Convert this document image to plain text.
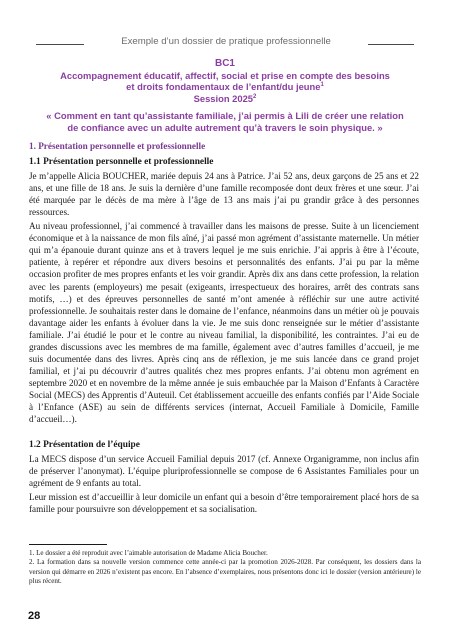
Exemple d’un dossier de pratique professionnelle
BC1
Accompagnement éducatif, affectif, social et prise en compte des besoins
et droits fondamentaux de l’enfant/du jeune$^1$
Session 2025$^2$
« Comment en tant qu’assistante familiale, j’ai permis à Lili de créer une relation
de confiance avec un adulte autrement qu’à travers le soin physique. »
1. Présentation personnelle et professionnelle
1.1 Présentation personnelle et professionnelle

Je m’appelle Alicia BOUCHER, mariée depuis 24 ans à Patrice. J’ai 52 ans, deux garçons de 25 ans et 22 ans, et une fille de 18 ans. Je suis la dernière d’une famille recomposée dont deux frères et une sœur. J’ai été marquée par le décès de ma mère à l’âge de 13 ans mais j’ai pu grandir grâce à des personnes ressources.

Au niveau professionnel, j’ai commencé à travailler dans les maisons de presse. Suite à un licenciement économique et à la naissance de mon fils aîné, j’ai passé mon agrément d’assistante maternelle. Un métier qui m’a épanouie durant quinze ans et à travers lequel je me suis enrichie. J’ai appris à être à l’écoute, patiente, à repérer et répondre aux divers besoins et personnalités des enfants. J’ai pu par la même occasion profiter de mes propres enfants et les voir grandir. Après dix ans dans cette profession, la relation avec les parents (employeurs) me pesait (exigeants, irrespectueux des horaires, arrêt des contrats sans motifs, …) et des épreuves personnelles de santé m’ont amenée à réfléchir sur une autre activité professionnelle. Je souhaitais rester dans le domaine de l’enfance, néanmoins dans un métier où je pouvais davantage aider les enfants à évoluer dans la vie. Je me suis donc renseignée sur le métier d’assistante familiale. J’ai étudié le pour et le contre au niveau familial, la disponibilité, les contraintes. J’ai eu de grandes discussions avec les membres de ma famille, également avec d’autres familles d’accueil, je me suis documentée dans des livres. Après cinq ans de réflexion, je me suis lancée dans ce grand projet familial, et j’ai pu découvrir d’autres qualités chez mes propres enfants. J’ai obtenu mon agrément en septembre 2020 et en novembre de la même année je suis embauchée par la Maison d’Enfants à Caractère Social (MECS) des Apprentis d’Auteuil. Cet établissement accueille des enfants confiés par l’Aide Sociale à l’Enfance (ASE) au sein de différents services (internat, Accueil Familiale à Domicile, Famille d’accueil…).

1.2 Présentation de l’équipe

La MECS dispose d’un service Accueil Familial depuis 2017 (cf. Annexe Organigramme, non inclus afin de préserver l’anonymat). L’équipe pluriprofessionnelle se compose de 6 Assistantes Familiales pour un agrément de 9 enfants au total.

Leur mission est d’accueillir à leur domicile un enfant qui a besoin d’être temporairement placé hors de sa famille pour poursuivre son développement et sa socialisation.

1. Le dossier a été reproduit avec l’aimable autorisation de Madame Alicia Boucher.

2. La formation dans sa nouvelle version commence cette année-ci par la promotion 2026-2028. Par conséquent, les dossiers dans la version qui démarre en 2026 n’existent pas encore. En l’absence d’exemplaires, nous présentons donc ici le dossier (version antérieure) le plus récent.

28
